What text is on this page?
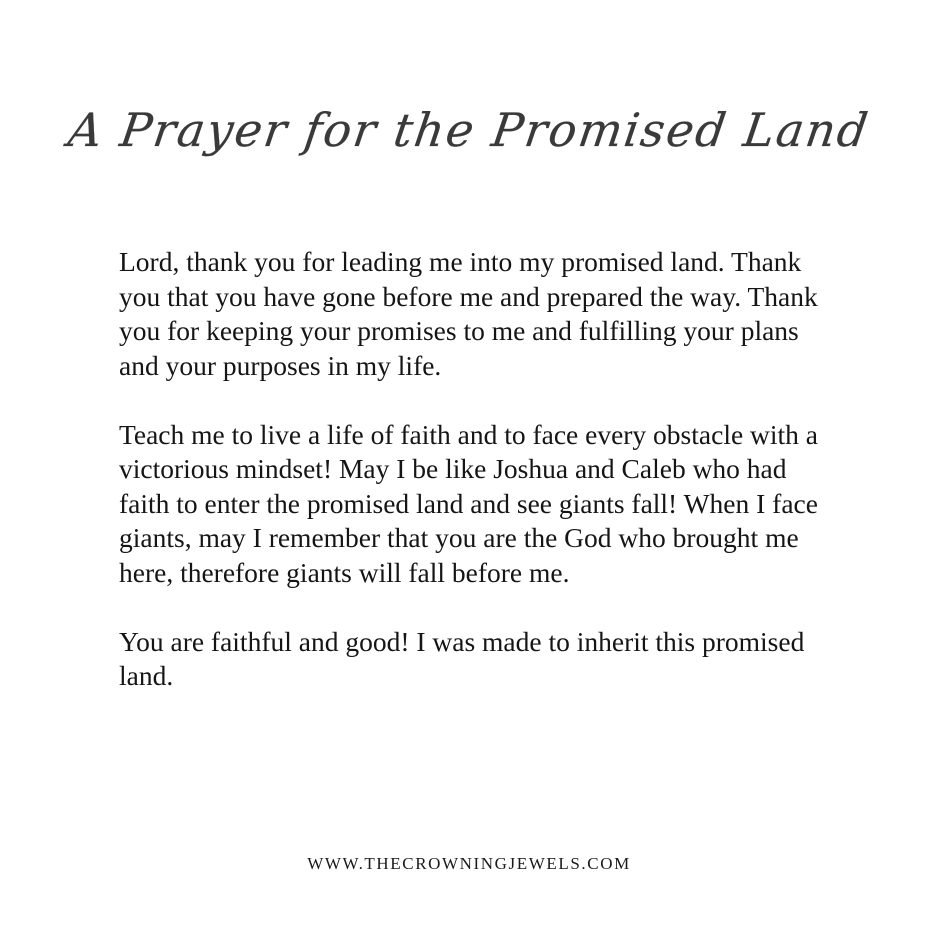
A Prayer for the Promised Land

Lord, thank you for leading me into my promised land. Thank you that you have gone before me and prepared the way. Thank you for keeping your promises to me and fulfilling your plans and your purposes in my life.

Teach me to live a life of faith and to face every obstacle with a victorious mindset! May I be like Joshua and Caleb who had faith to enter the promised land and see giants fall! When I face giants, may I remember that you are the God who brought me here, therefore giants will fall before me.

You are faithful and good! I was made to inherit this promised land.

WWW.THECROWNINGJEWELS.COM
